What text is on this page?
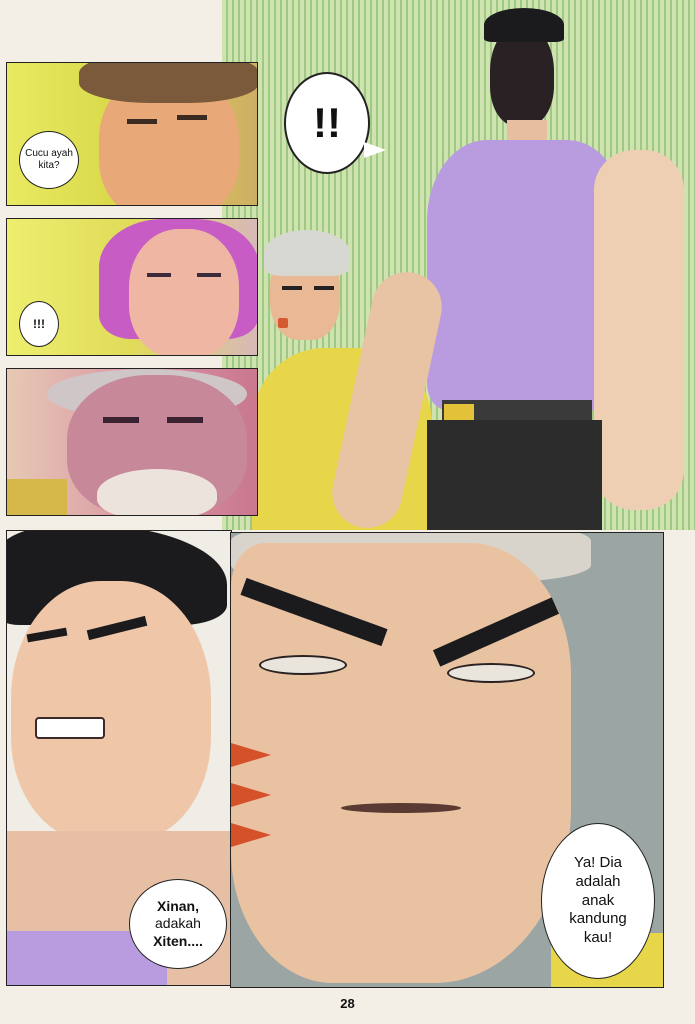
!!
Cucu ayah kita?
!!!
Xinan,
adakah
Xiten....
Ya! Dia
adalah
anak
kandung
kau!
28
